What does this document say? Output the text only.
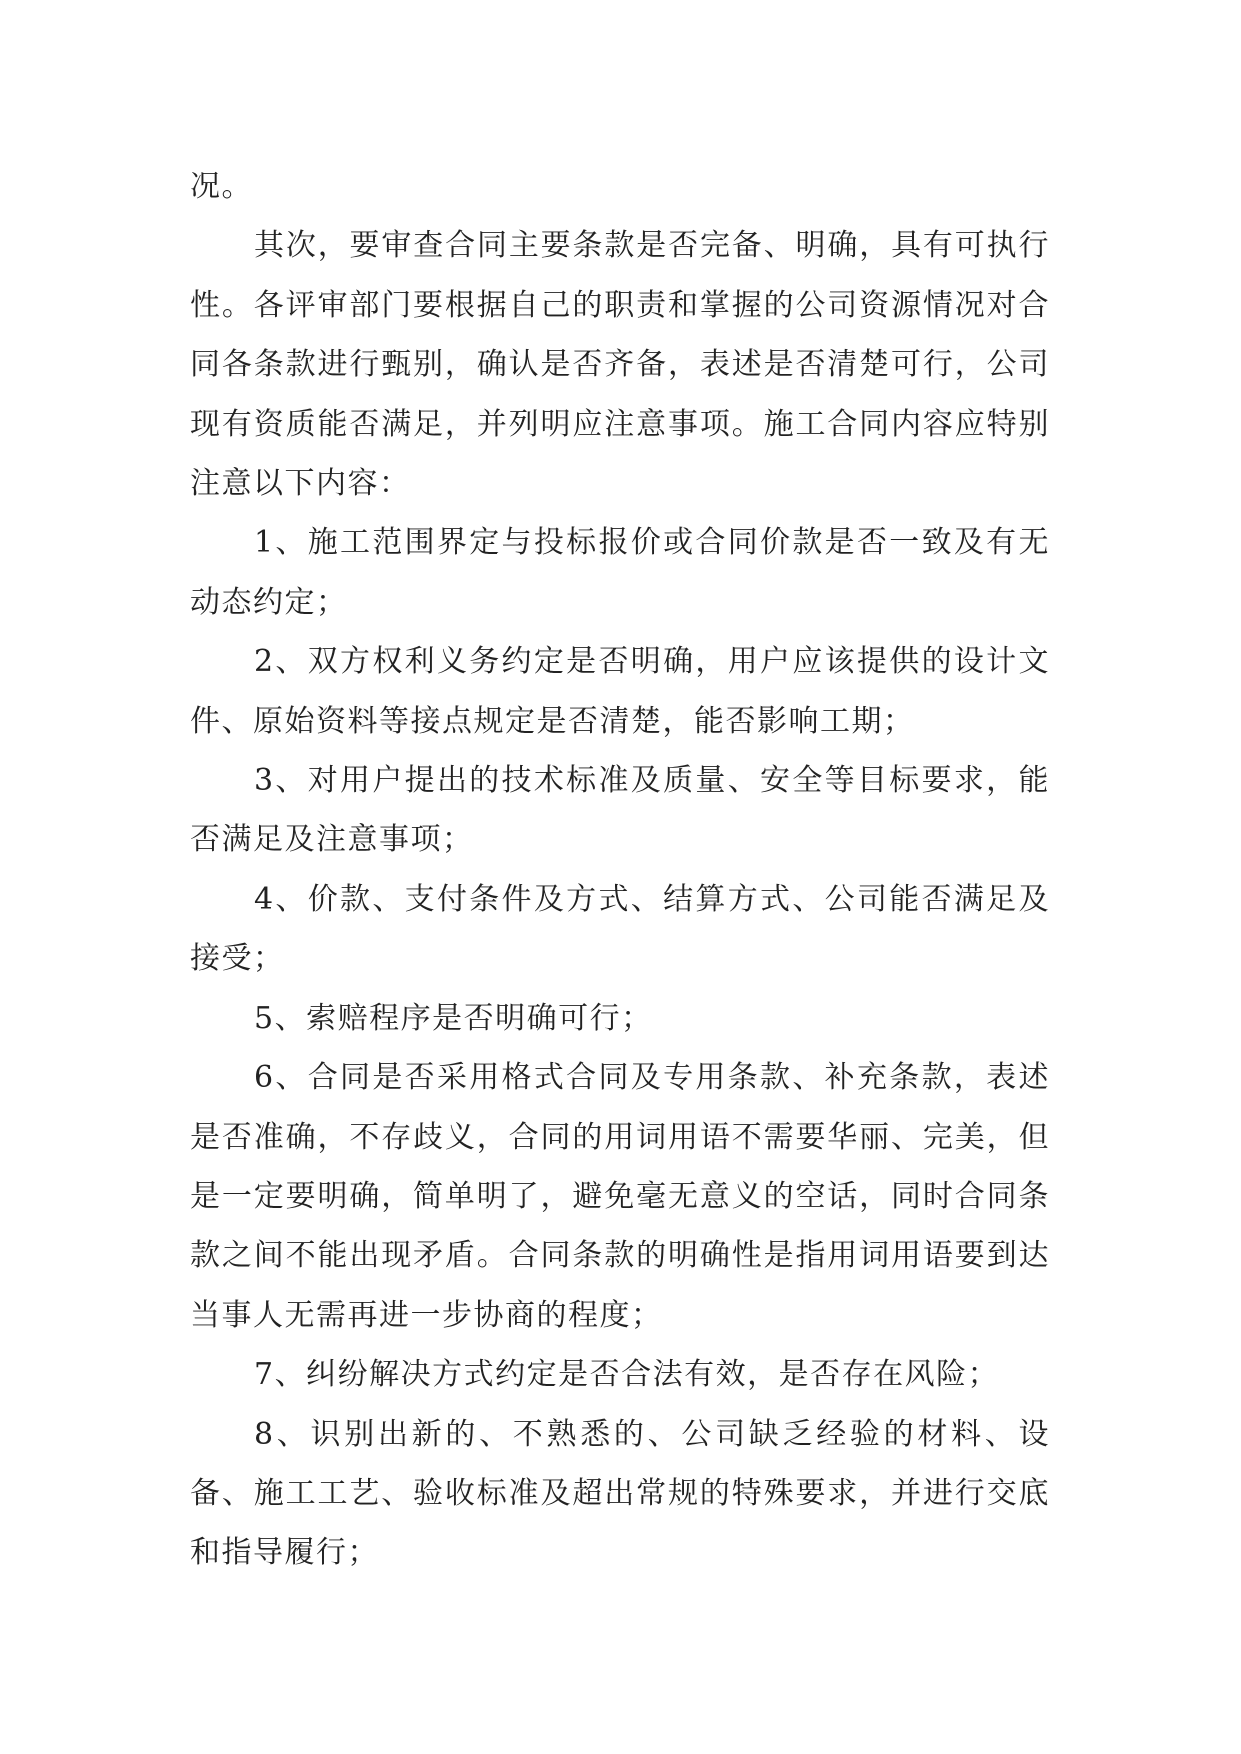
况。

其次，要审查合同主要条款是否完备、明确，具有可执行性。各评审部门要根据自己的职责和掌握的公司资源情况对合同各条款进行甄别，确认是否齐备，表述是否清楚可行，公司现有资质能否满足，并列明应注意事项。施工合同内容应特别注意以下内容：

1、施工范围界定与投标报价或合同价款是否一致及有无动态约定；

2、双方权利义务约定是否明确，用户应该提供的设计文件、原始资料等接点规定是否清楚，能否影响工期；

3、对用户提出的技术标准及质量、安全等目标要求，能否满足及注意事项；

4、价款、支付条件及方式、结算方式、公司能否满足及接受；

5、索赔程序是否明确可行；

6、合同是否采用格式合同及专用条款、补充条款，表述是否准确，不存歧义，合同的用词用语不需要华丽、完美，但是一定要明确，简单明了，避免毫无意义的空话，同时合同条款之间不能出现矛盾。合同条款的明确性是指用词用语要到达当事人无需再进一步协商的程度；

7、纠纷解决方式约定是否合法有效，是否存在风险；

8、识别出新的、不熟悉的、公司缺乏经验的材料、设备、施工工艺、验收标准及超出常规的特殊要求，并进行交底和指导履行；
